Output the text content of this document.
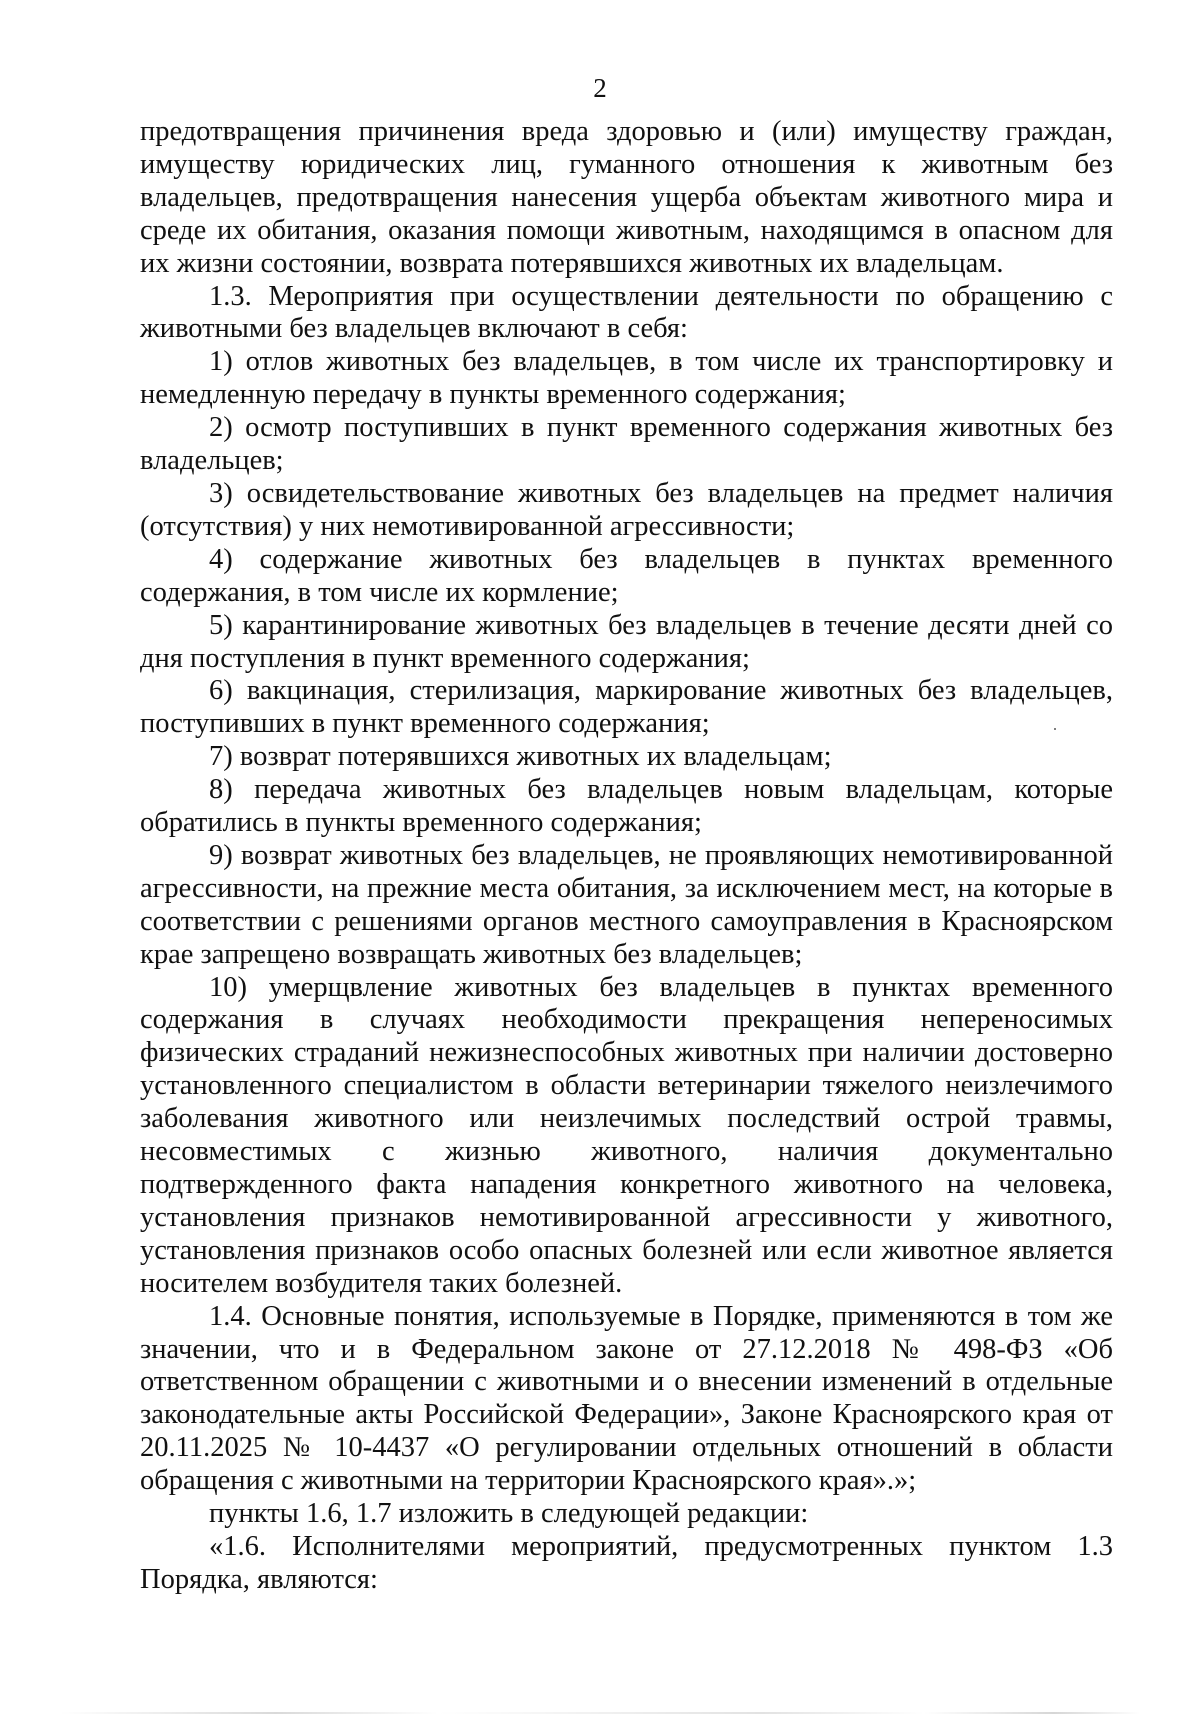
2

предотвращения причинения вреда здоровью и (или) имуществу граждан, имуществу юридических лиц, гуманного отношения к животным без владельцев, предотвращения нанесения ущерба объектам животного мира и среде их обитания, оказания помощи животным, находящимся в опасном для их жизни состоянии, возврата потерявшихся животных их владельцам.

1.3. Мероприятия при осуществлении деятельности по обращению с животными без владельцев включают в себя:

1) отлов животных без владельцев, в том числе их транспортировку и немедленную передачу в пункты временного содержания;

2) осмотр поступивших в пункт временного содержания животных без владельцев;

3) освидетельствование животных без владельцев на предмет наличия (отсутствия) у них немотивированной агрессивности;

4) содержание животных без владельцев в пунктах временного содержания, в том числе их кормление;

5) карантинирование животных без владельцев в течение десяти дней со дня поступления в пункт временного содержания;

6) вакцинация, стерилизация, маркирование животных без владельцев, поступивших в пункт временного содержания;

7) возврат потерявшихся животных их владельцам;

8) передача животных без владельцев новым владельцам, которые обратились в пункты временного содержания;

9) возврат животных без владельцев, не проявляющих немотивированной агрессивности, на прежние места обитания, за исключением мест, на которые в соответствии с решениями органов местного самоуправления в Красноярском крае запрещено возвращать животных без владельцев;

10) умерщвление животных без владельцев в пунктах временного содержания в случаях необходимости прекращения непереносимых физических страданий нежизнеспособных животных при наличии достоверно установленного специалистом в области ветеринарии тяжелого неизлечимого заболевания животного или неизлечимых последствий острой травмы, несовместимых с жизнью животного, наличия документально подтвержденного факта нападения конкретного животного на человека, установления признаков немотивированной агрессивности у животного, установления признаков особо опасных болезней или если животное является носителем возбудителя таких болезней.

1.4. Основные понятия, используемые в Порядке, применяются в том же значении, что и в Федеральном законе от 27.12.2018 № 498-ФЗ «Об ответственном обращении с животными и о внесении изменений в отдельные законодательные акты Российской Федерации», Законе Красноярского края от 20.11.2025 № 10-4437 «О регулировании отдельных отношений в области обращения с животными на территории Красноярского края».»;

пункты 1.6, 1.7 изложить в следующей редакции:

«1.6. Исполнителями мероприятий, предусмотренных пунктом 1.3 Порядка, являются:
